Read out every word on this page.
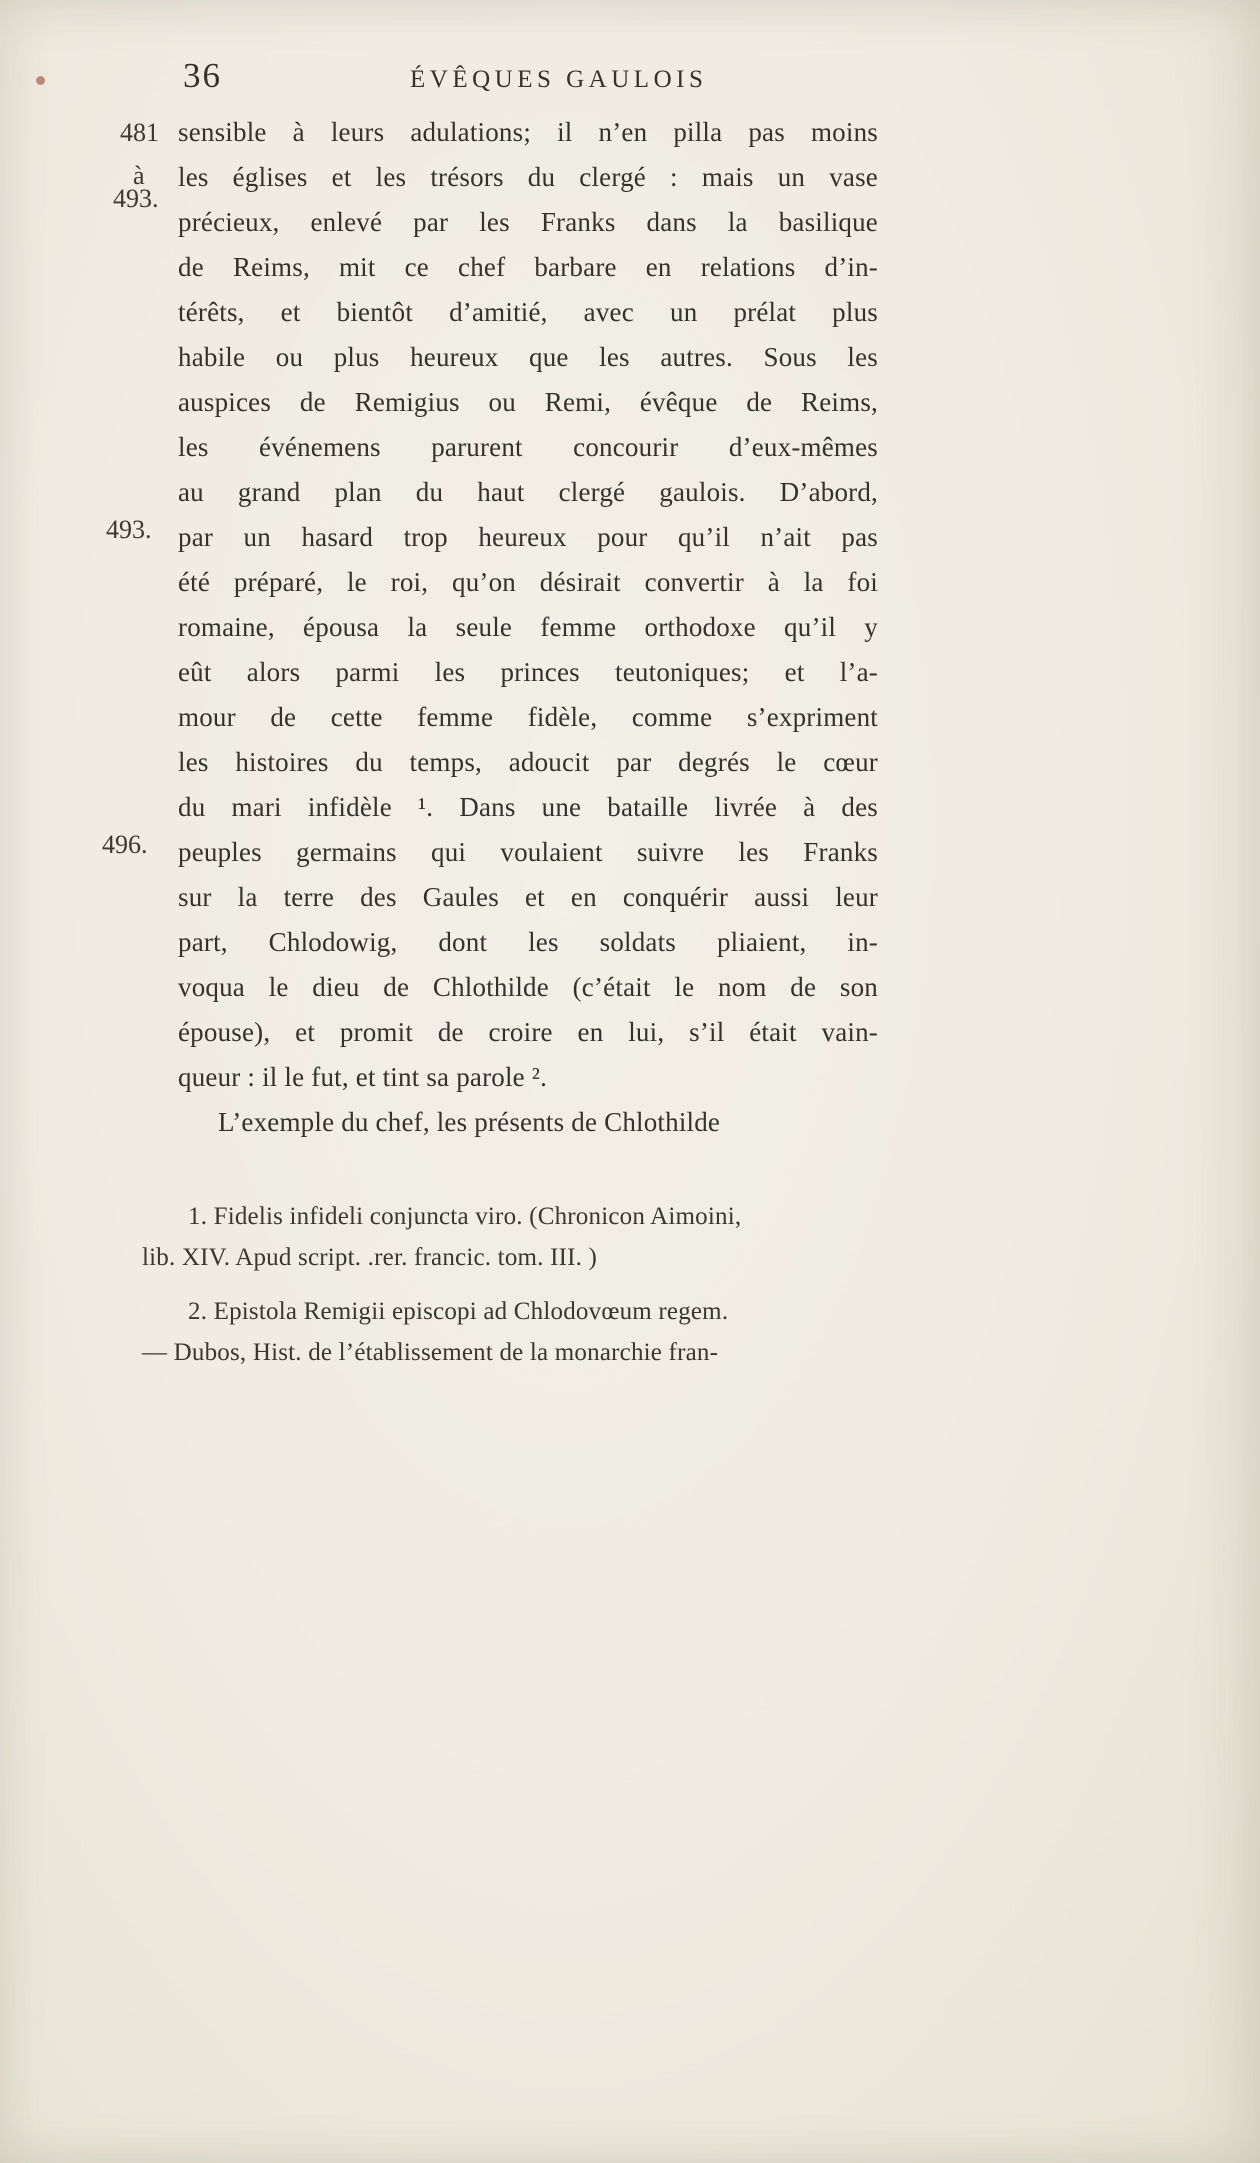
36	ÉVÊQUES GAULOIS
481
à
493.
493.
496.
sensible à leurs adulations; il n’en pilla pas moins
les églises et les trésors du clergé : mais un vase
précieux, enlevé par les Franks dans la basilique
de Reims, mit ce chef barbare en relations d’in-
térêts, et bientôt d’amitié, avec un prélat plus
habile ou plus heureux que les autres. Sous les
auspices de Remigius ou Remi, évêque de Reims,
les événemens parurent concourir d’eux-mêmes
au grand plan du haut clergé gaulois. D’abord,
par un hasard trop heureux pour qu’il n’ait pas
été préparé, le roi, qu’on désirait convertir à la foi
romaine, épousa la seule femme orthodoxe qu’il y
eût alors parmi les princes teutoniques; et l’a-
mour de cette femme fidèle, comme s’expriment
les histoires du temps, adoucit par degrés le cœur
du mari infidèle ¹. Dans une bataille livrée à des
peuples germains qui voulaient suivre les Franks
sur la terre des Gaules et en conquérir aussi leur
part, Chlodowig, dont les soldats pliaient, in-
voqua le dieu de Chlothilde (c’était le nom de son
épouse), et promit de croire en lui, s’il était vain-
queur : il le fut, et tint sa parole ².
L’exemple du chef, les présents de Chlothilde
1. Fidelis infideli conjuncta viro. (Chronicon Aimoini,
lib. XIV. Apud script. .rer. francic. tom. III. )
2. Epistola Remigii episcopi ad Chlodovœum regem.
— Dubos, Hist. de l’établissement de la monarchie fran-
